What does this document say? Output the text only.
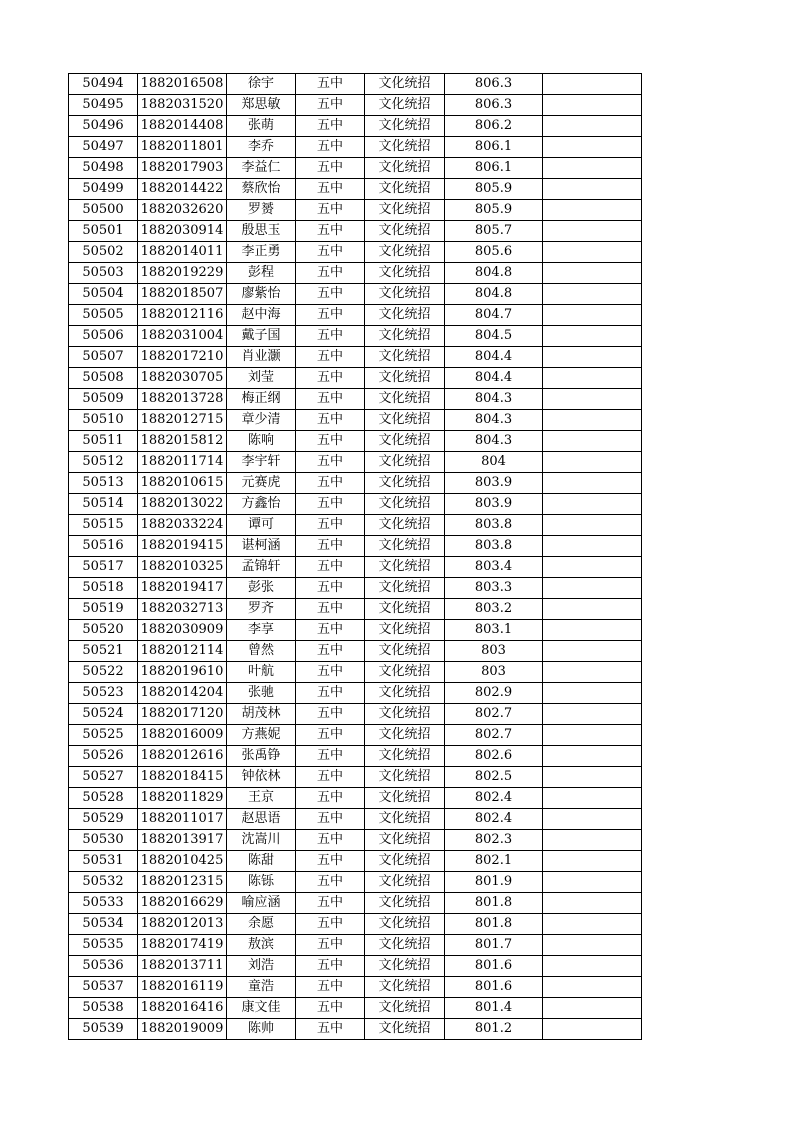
50494	1882016508	徐宇	五中	文化统招	806.3	
50495	1882031520	郑思敏	五中	文化统招	806.3	
50496	1882014408	张萌	五中	文化统招	806.2	
50497	1882011801	李乔	五中	文化统招	806.1	
50498	1882017903	李益仁	五中	文化统招	806.1	
50499	1882014422	蔡欣怡	五中	文化统招	805.9	
50500	1882032620	罗赟	五中	文化统招	805.9	
50501	1882030914	殷思玉	五中	文化统招	805.7	
50502	1882014011	李正勇	五中	文化统招	805.6	
50503	1882019229	彭程	五中	文化统招	804.8	
50504	1882018507	廖紫怡	五中	文化统招	804.8	
50505	1882012116	赵中海	五中	文化统招	804.7	
50506	1882031004	戴子国	五中	文化统招	804.5	
50507	1882017210	肖业灏	五中	文化统招	804.4	
50508	1882030705	刘莹	五中	文化统招	804.4	
50509	1882013728	梅正纲	五中	文化统招	804.3	
50510	1882012715	章少清	五中	文化统招	804.3	
50511	1882015812	陈响	五中	文化统招	804.3	
50512	1882011714	李宇轩	五中	文化统招	804	
50513	1882010615	元赛虎	五中	文化统招	803.9	
50514	1882013022	方鑫怡	五中	文化统招	803.9	
50515	1882033224	谭可	五中	文化统招	803.8	
50516	1882019415	谌柯涵	五中	文化统招	803.8	
50517	1882010325	孟锦轩	五中	文化统招	803.4	
50518	1882019417	彭张	五中	文化统招	803.3	
50519	1882032713	罗齐	五中	文化统招	803.2	
50520	1882030909	李享	五中	文化统招	803.1	
50521	1882012114	曾然	五中	文化统招	803	
50522	1882019610	叶航	五中	文化统招	803	
50523	1882014204	张驰	五中	文化统招	802.9	
50524	1882017120	胡茂林	五中	文化统招	802.7	
50525	1882016009	方燕妮	五中	文化统招	802.7	
50526	1882012616	张禹铮	五中	文化统招	802.6	
50527	1882018415	钟依林	五中	文化统招	802.5	
50528	1882011829	王京	五中	文化统招	802.4	
50529	1882011017	赵思语	五中	文化统招	802.4	
50530	1882013917	沈嵩川	五中	文化统招	802.3	
50531	1882010425	陈甜	五中	文化统招	802.1	
50532	1882012315	陈铄	五中	文化统招	801.9	
50533	1882016629	喻应涵	五中	文化统招	801.8	
50534	1882012013	余愿	五中	文化统招	801.8	
50535	1882017419	敖滨	五中	文化统招	801.7	
50536	1882013711	刘浩	五中	文化统招	801.6	
50537	1882016119	童浩	五中	文化统招	801.6	
50538	1882016416	康文佳	五中	文化统招	801.4	
50539	1882019009	陈帅	五中	文化统招	801.2	
